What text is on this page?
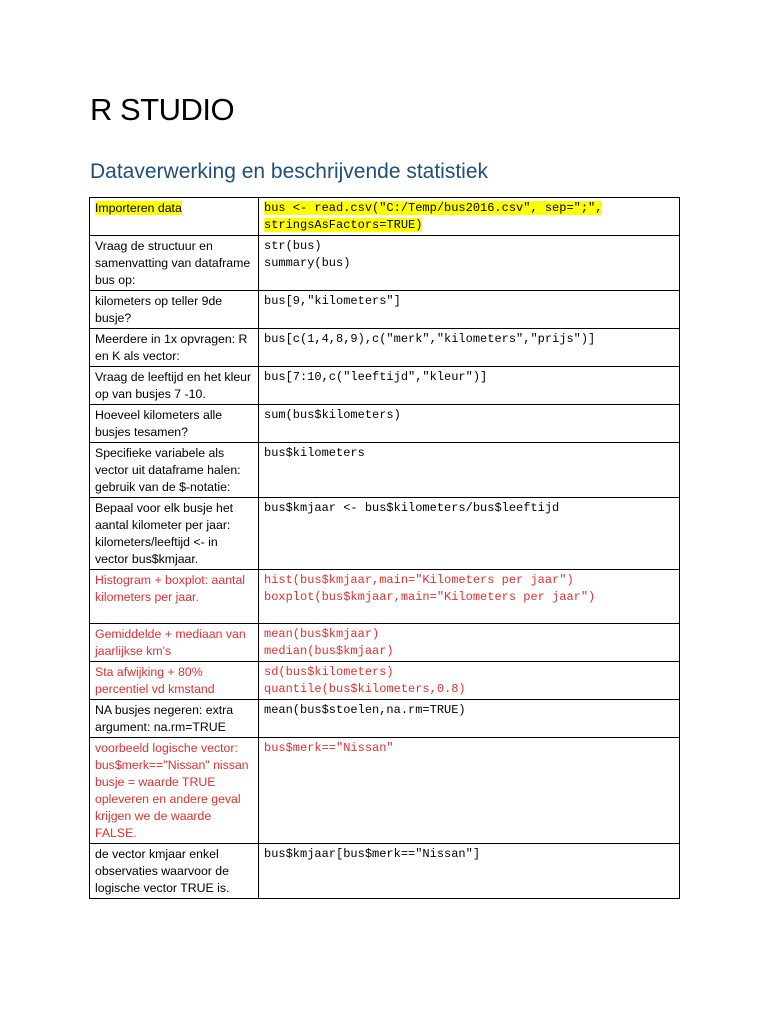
R STUDIO
Dataverwerking en beschrijvende statistiek
Importeren data	bus <- read.csv("C:/Temp/bus2016.csv", sep=";",
stringsAsFactors=TRUE)

Vraag de structuur en samenvatting van dataframe bus op:	str(bus)
summary(bus)

kilometers op teller 9de busje?	bus[9,"kilometers"]

Meerdere in 1x opvragen: R en K als vector:	bus[c(1,4,8,9),c("merk","kilometers","prijs")]

Vraag de leeftijd en het kleur op van busjes 7 -10.	bus[7:10,c("leeftijd","kleur")]

Hoeveel kilometers alle busjes tesamen?	sum(bus$kilometers)

Specifieke variabele als vector uit dataframe halen: gebruik van de $-notatie:	bus$kilometers

Bepaal voor elk busje het aantal kilometer per jaar: kilometers/leeftijd <- in vector bus$kmjaar.	bus$kmjaar <- bus$kilometers/bus$leeftijd

Histogram + boxplot: aantal kilometers per jaar.	hist(bus$kmjaar,main="Kilometers per jaar")
boxplot(bus$kmjaar,main="Kilometers per jaar")

Gemiddelde + mediaan van jaarlijkse km's	mean(bus$kmjaar)
median(bus$kmjaar)

Sta afwijking + 80% percentiel vd kmstand	sd(bus$kilometers)
quantile(bus$kilometers,0.8)

NA busjes negeren: extra argument: na.rm=TRUE	mean(bus$stoelen,na.rm=TRUE)

voorbeeld logische vector: bus$merk=="Nissan" nissan busje = waarde TRUE opleveren en andere geval krijgen we de waarde FALSE.	bus$merk=="Nissan"

de vector kmjaar enkel observaties waarvoor de logische vector TRUE is.	bus$kmjaar[bus$merk=="Nissan"]
